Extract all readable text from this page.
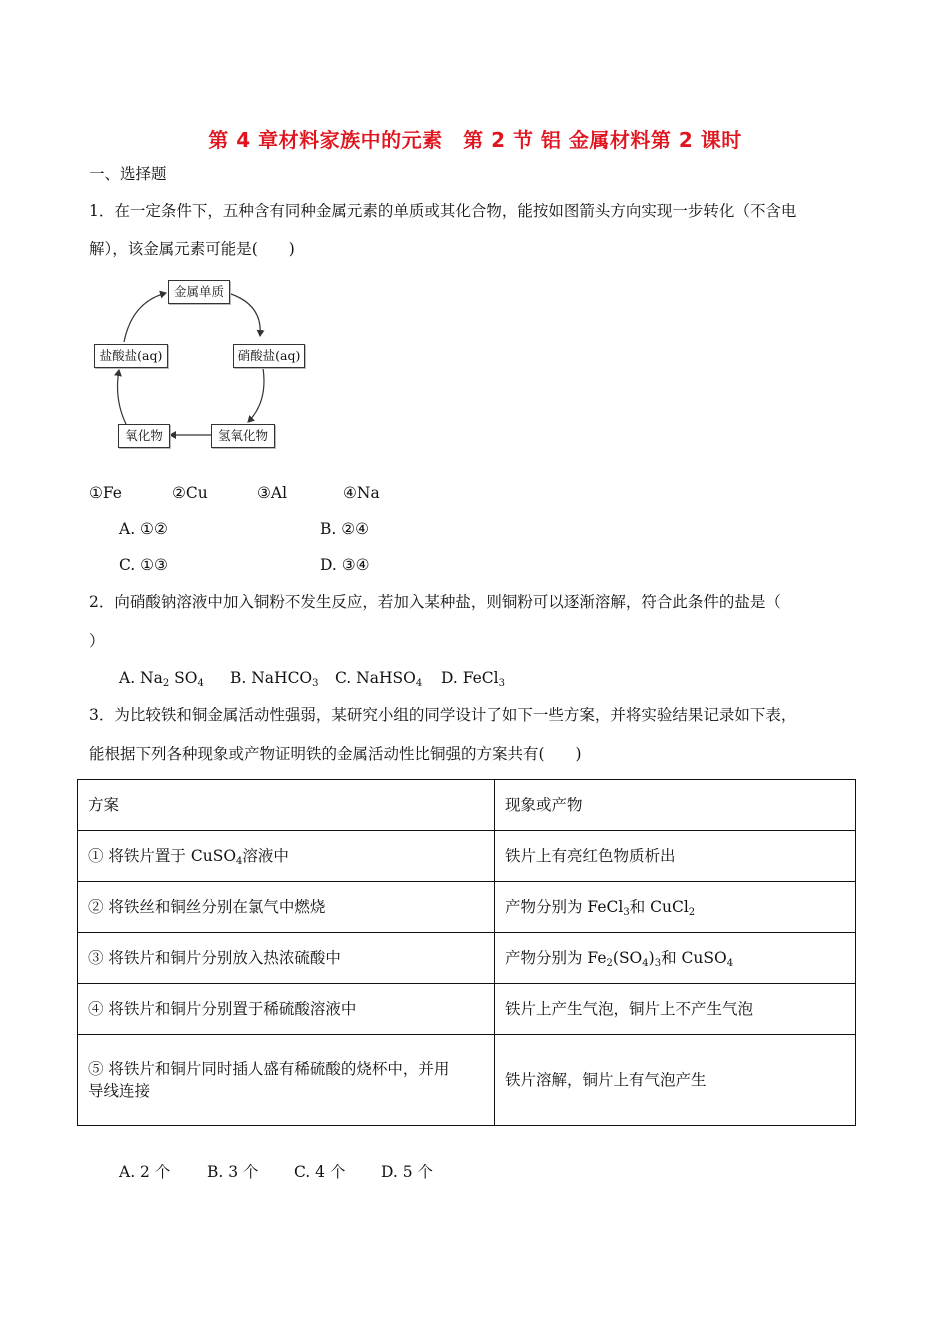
第 4 章材料家族中的元素　第 2 节 铝 金属材料第 2 课时
一、选择题
1．在一定条件下，五种含有同种金属元素的单质或其化合物，能按如图箭头方向实现一步转化（不含电
解），该金属元素可能是(　　)
金属单质
硝酸盐(aq)
氢氧化物
氧化物
盐酸盐(aq)
①Fe	②Cu	③Al	④Na
A. ①②	B. ②④
C. ①③	D. ③④
2．向硝酸钠溶液中加入铜粉不发生反应，若加入某种盐，则铜粉可以逐渐溶解，符合此条件的盐是（
）
A. $Na_2$ $SO_4$ B. NaHCO$_3$ C. NaHSO$_4$ D. FeCl$_3$
3．为比较铁和铜金属活动性强弱，某研究小组的同学设计了如下一些方案，并将实验结果记录如下表，
能根据下列各种现象或产物证明铁的金属活动性比铜强的方案共有(　　)
方案	现象或产物
① 将铁片置于 CuSO$_4$溶液中	铁片上有亮红色物质析出
② 将铁丝和铜丝分别在氯气中燃烧	产物分别为 FeCl$_3$和 CuCl$_2$
③ 将铁片和铜片分别放入热浓硫酸中	产物分别为 $Fe_2(SO_4)_3$和 CuSO$_4$
④ 将铁片和铜片分别置于稀硫酸溶液中	铁片上产生气泡，铜片上不产生气泡
⑤ 将铁片和铜片同时插人盛有稀硫酸的烧杯中，并用
导线连接	铁片溶解，铜片上有气泡产生
A. 2 个 B. 3 个 C. 4 个 D. 5 个
